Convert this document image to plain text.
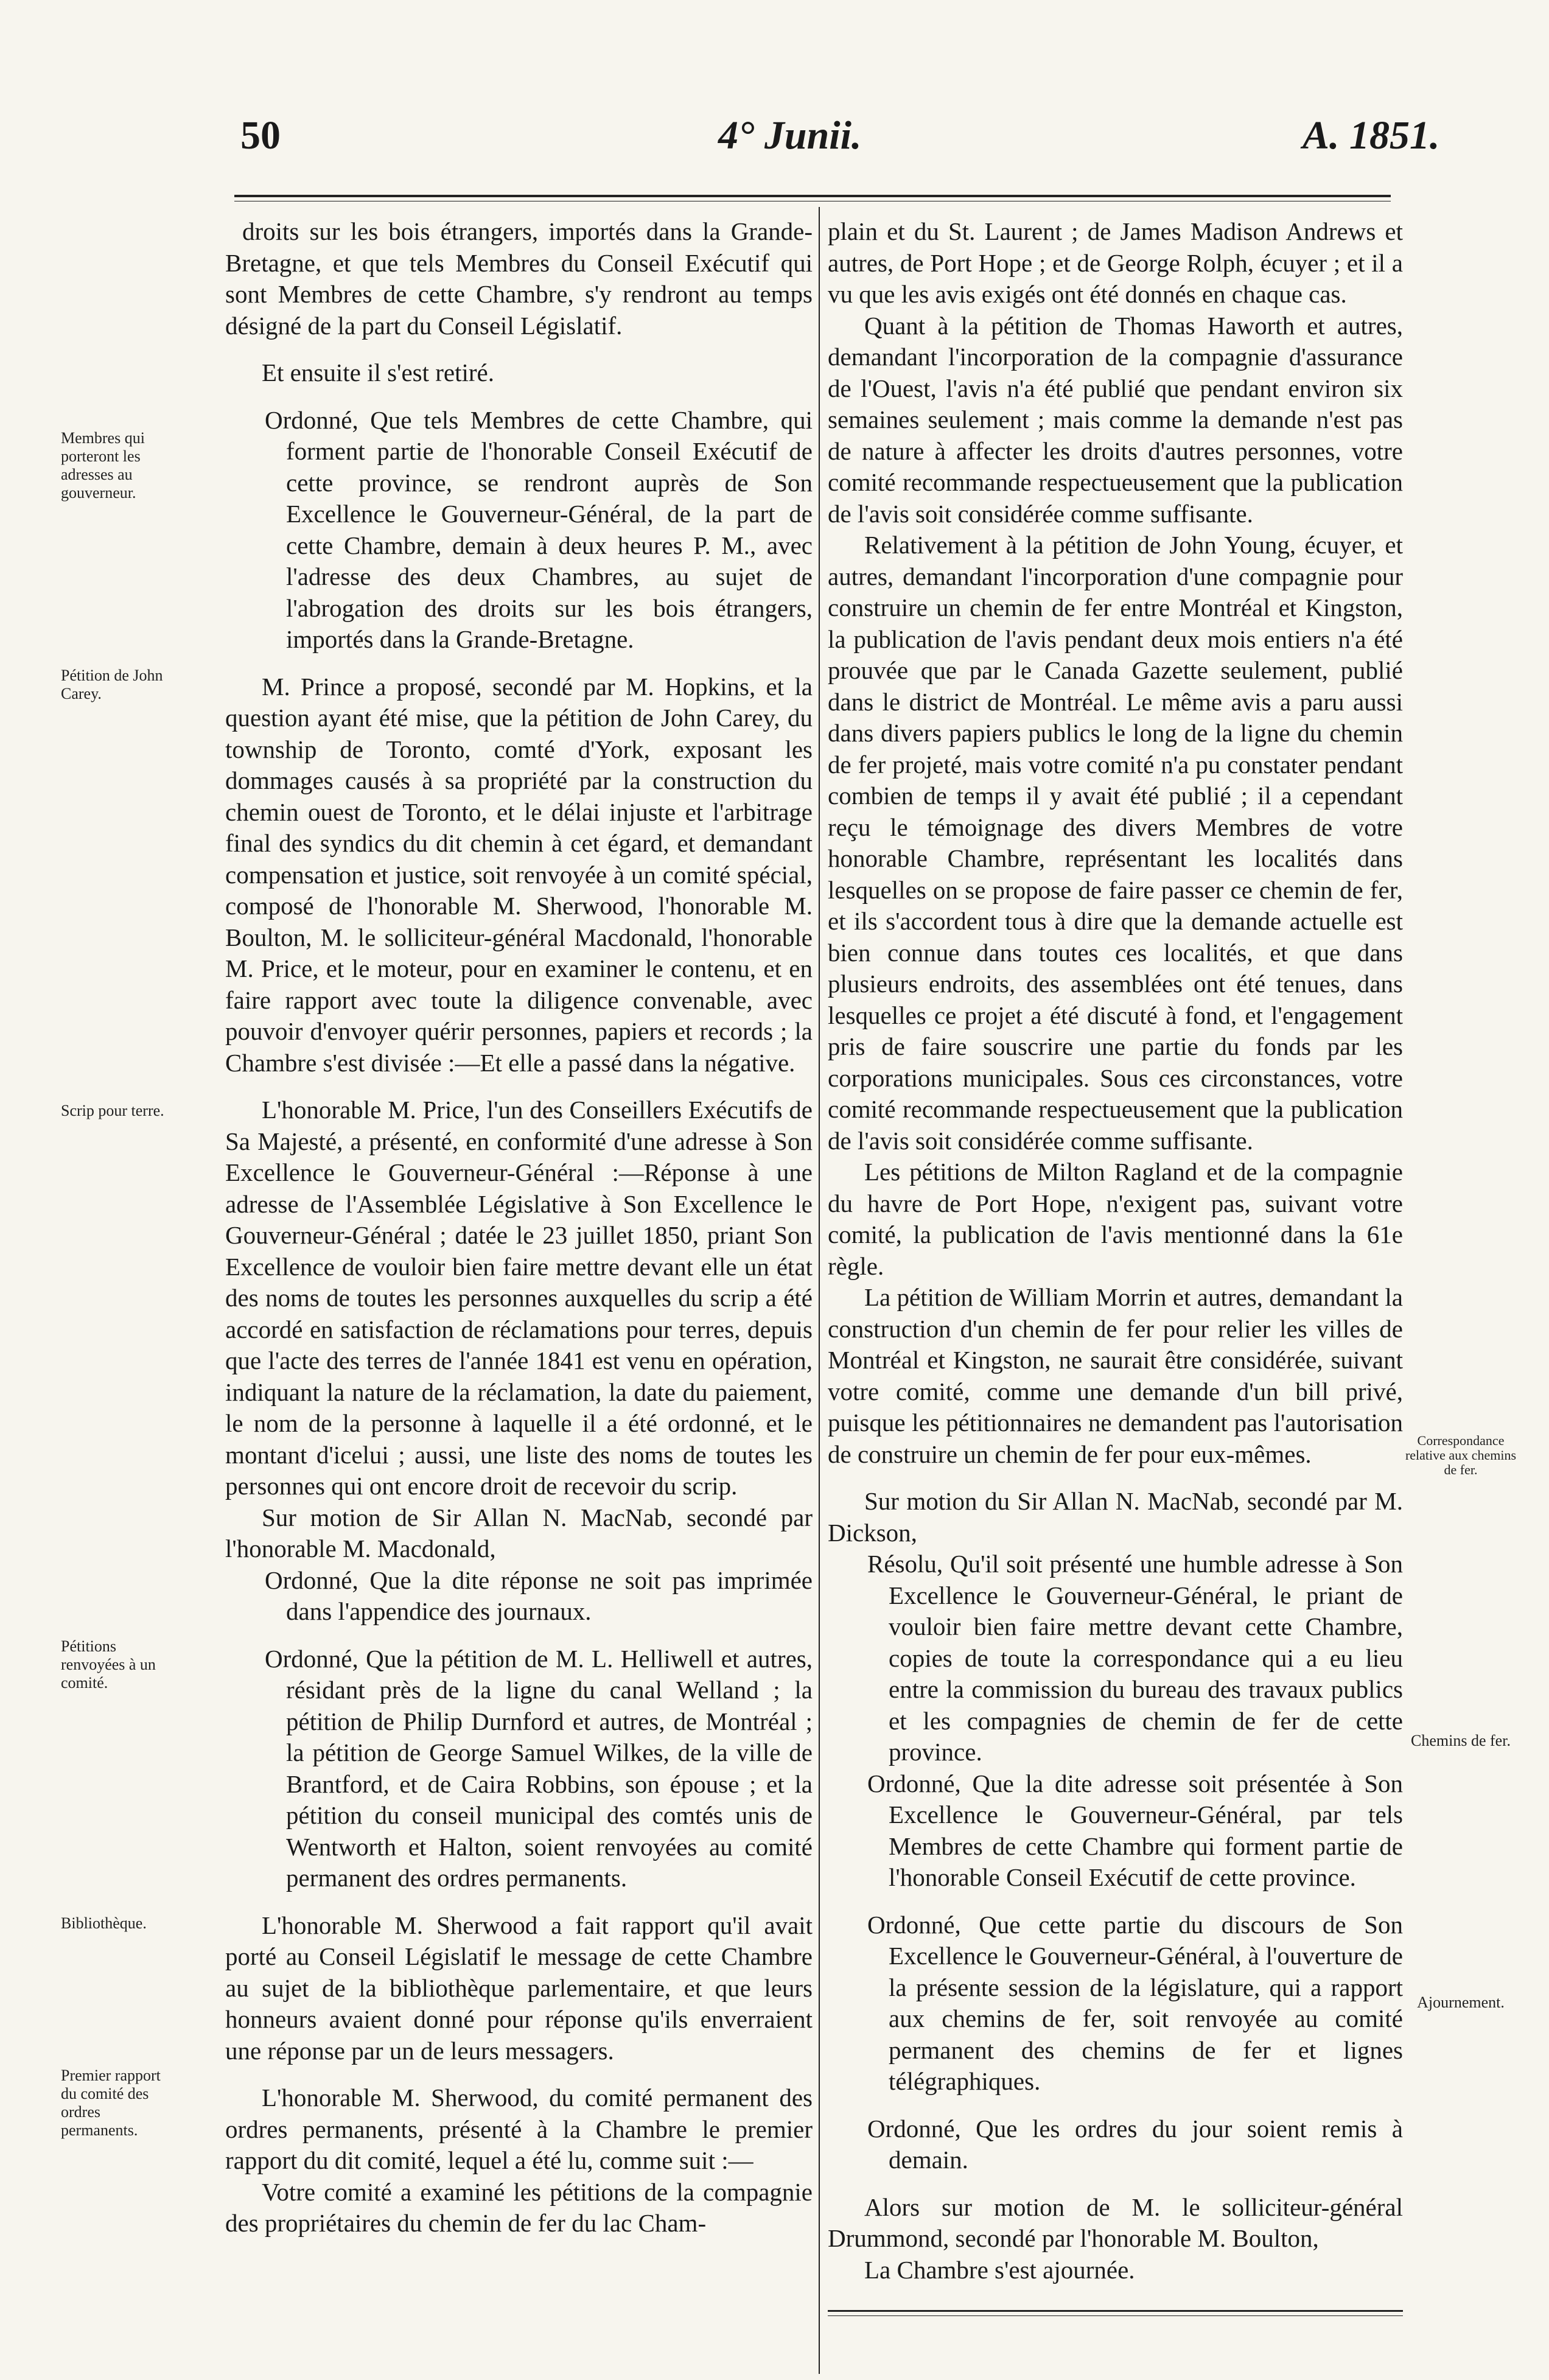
50	4° Junii.	A. 1851.

droits sur les bois étrangers, importés dans la Grande-Bretagne, et que tels Membres du Conseil Exécutif qui sont Membres de cette Chambre, s'y rendront au temps désigné de la part du Conseil Législatif.

Et ensuite il s'est retiré.

Ordonné, Que tels Membres de cette Chambre, qui forment partie de l'honorable Conseil Exécutif de cette province, se rendront auprès de Son Excellence le Gouverneur-Général, de la part de cette Chambre, demain à deux heures P. M., avec l'adresse des deux Chambres, au sujet de l'abrogation des droits sur les bois étrangers, importés dans la Grande-Bretagne.

M. Prince a proposé, secondé par M. Hopkins, et la question ayant été mise, que la pétition de John Carey, du township de Toronto, comté d'York, exposant les dommages causés à sa propriété par la construction du chemin ouest de Toronto, et le délai injuste et l'arbitrage final des syndics du dit chemin à cet égard, et demandant compensation et justice, soit renvoyée à un comité spécial, composé de l'honorable M. Sherwood, l'honorable M. Boulton, M. le solliciteur-général Macdonald, l'honorable M. Price, et le moteur, pour en examiner le contenu, et en faire rapport avec toute la diligence convenable, avec pouvoir d'envoyer quérir personnes, papiers et records ; la Chambre s'est divisée :—Et elle a passé dans la négative.

L'honorable M. Price, l'un des Conseillers Exécutifs de Sa Majesté, a présenté, en conformité d'une adresse à Son Excellence le Gouverneur-Général :—Réponse à une adresse de l'Assemblée Législative à Son Excellence le Gouverneur-Général ; datée le 23 juillet 1850, priant Son Excellence de vouloir bien faire mettre devant elle un état des noms de toutes les personnes auxquelles du scrip a été accordé en satisfaction de réclamations pour terres, depuis que l'acte des terres de l'année 1841 est venu en opération, indiquant la nature de la réclamation, la date du paiement, le nom de la personne à laquelle il a été ordonné, et le montant d'icelui ; aussi, une liste des noms de toutes les personnes qui ont encore droit de recevoir du scrip.

Sur motion de Sir Allan N. MacNab, secondé par l'honorable M. Macdonald,

Ordonné, Que la dite réponse ne soit pas imprimée dans l'appendice des journaux.

Ordonné, Que la pétition de M. L. Helliwell et autres, résidant près de la ligne du canal Welland ; la pétition de Philip Durnford et autres, de Montréal ; la pétition de George Samuel Wilkes, de la ville de Brantford, et de Caira Robbins, son épouse ; et la pétition du conseil municipal des comtés unis de Wentworth et Halton, soient renvoyées au comité permanent des ordres permanents.

L'honorable M. Sherwood a fait rapport qu'il avait porté au Conseil Législatif le message de cette Chambre au sujet de la bibliothèque parlementaire, et que leurs honneurs avaient donné pour réponse qu'ils enverraient une réponse par un de leurs messagers.

L'honorable M. Sherwood, du comité permanent des ordres permanents, présenté à la Chambre le premier rapport du dit comité, lequel a été lu, comme suit :—

Votre comité a examiné les pétitions de la compagnie des propriétaires du chemin de fer du lac Cham-

plain et du St. Laurent ; de James Madison Andrews et autres, de Port Hope ; et de George Rolph, écuyer ; et il a vu que les avis exigés ont été donnés en chaque cas.

Quant à la pétition de Thomas Haworth et autres, demandant l'incorporation de la compagnie d'assurance de l'Ouest, l'avis n'a été publié que pendant environ six semaines seulement ; mais comme la demande n'est pas de nature à affecter les droits d'autres personnes, votre comité recommande respectueusement que la publication de l'avis soit considérée comme suffisante.

Relativement à la pétition de John Young, écuyer, et autres, demandant l'incorporation d'une compagnie pour construire un chemin de fer entre Montréal et Kingston, la publication de l'avis pendant deux mois entiers n'a été prouvée que par le Canada Gazette seulement, publié dans le district de Montréal. Le même avis a paru aussi dans divers papiers publics le long de la ligne du chemin de fer projeté, mais votre comité n'a pu constater pendant combien de temps il y avait été publié ; il a cependant reçu le témoignage des divers Membres de votre honorable Chambre, représentant les localités dans lesquelles on se propose de faire passer ce chemin de fer, et ils s'accordent tous à dire que la demande actuelle est bien connue dans toutes ces localités, et que dans plusieurs endroits, des assemblées ont été tenues, dans lesquelles ce projet a été discuté à fond, et l'engagement pris de faire souscrire une partie du fonds par les corporations municipales. Sous ces circonstances, votre comité recommande respectueusement que la publication de l'avis soit considérée comme suffisante.

Les pétitions de Milton Ragland et de la compagnie du havre de Port Hope, n'exigent pas, suivant votre comité, la publication de l'avis mentionné dans la 61e règle.

La pétition de William Morrin et autres, demandant la construction d'un chemin de fer pour relier les villes de Montréal et Kingston, ne saurait être considérée, suivant votre comité, comme une demande d'un bill privé, puisque les pétitionnaires ne demandent pas l'autorisation de construire un chemin de fer pour eux-mêmes.

Sur motion du Sir Allan N. MacNab, secondé par M. Dickson,

Résolu, Qu'il soit présenté une humble adresse à Son Excellence le Gouverneur-Général, le priant de vouloir bien faire mettre devant cette Chambre, copies de toute la correspondance qui a eu lieu entre la commission du bureau des travaux publics et les compagnies de chemin de fer de cette province.

Ordonné, Que la dite adresse soit présentée à Son Excellence le Gouverneur-Général, par tels Membres de cette Chambre qui forment partie de l'honorable Conseil Exécutif de cette province.

Ordonné, Que cette partie du discours de Son Excellence le Gouverneur-Général, à l'ouverture de la présente session de la législature, qui a rapport aux chemins de fer, soit renvoyée au comité permanent des chemins de fer et lignes télégraphiques.

Ordonné, Que les ordres du jour soient remis à demain.

Alors sur motion de M. le solliciteur-général Drummond, secondé par l'honorable M. Boulton,

La Chambre s'est ajournée.

Membres qui porteront les adresses au gouverneur.
Pétition de John Carey.
Scrip pour terre.
Pétitions renvoyées à un comité.
Bibliothèque.
Premier rapport du comité des ordres permanents.
Correspondance relative aux chemins de fer.
Chemins de fer.
Ajournement.
